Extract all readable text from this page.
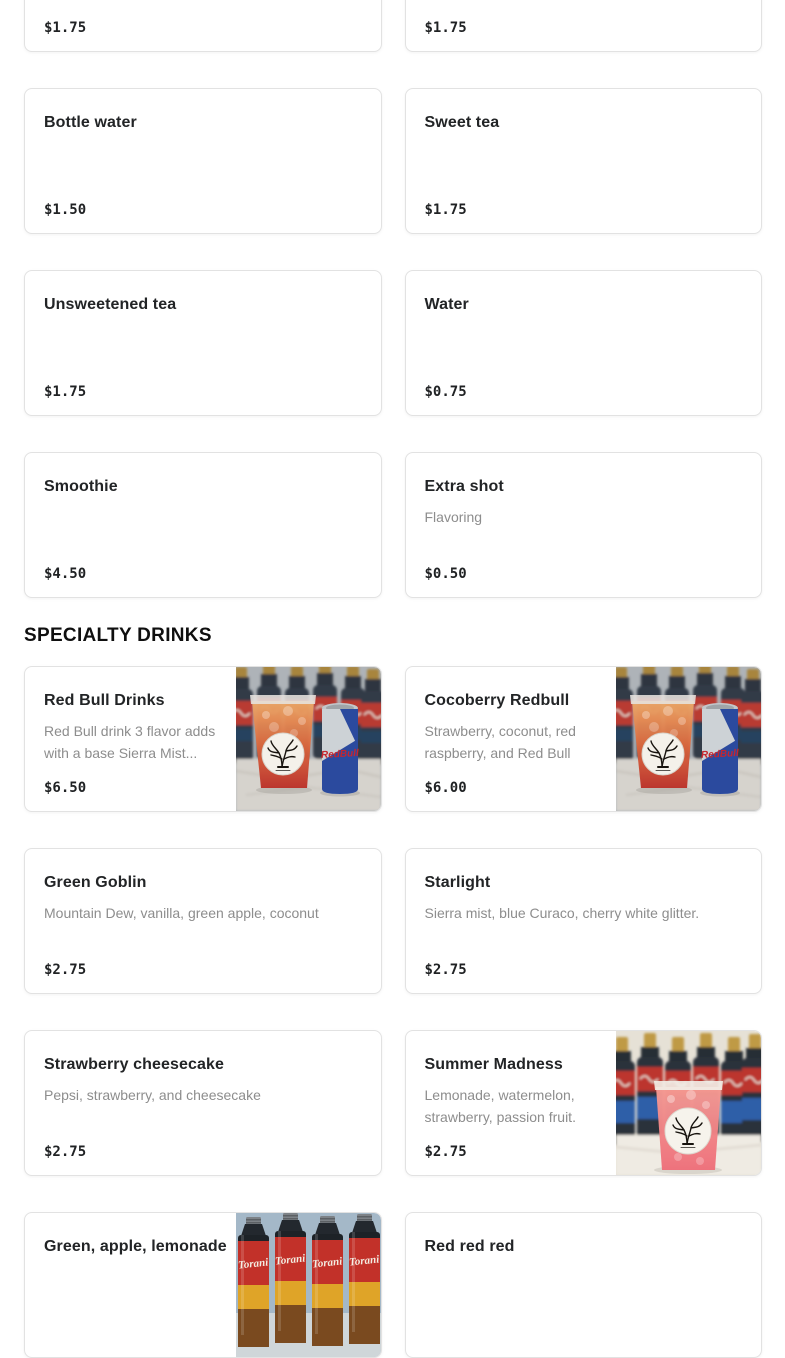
$1.75	$1.75
Bottle water
$1.50
Sweet tea
$1.75
Unsweetened tea
$1.75
Water
$0.75
Smoothie
$4.50
Extra shot
Flavoring
$0.50
SPECIALTY DRINKS
Red Bull Drinks
Red Bull drink 3 flavor adds with a base Sierra Mist...
$6.50
RedBull
Cocoberry Redbull
Strawberry, coconut, red raspberry, and Red Bull
$6.00
RedBull
Green Goblin
Mountain Dew, vanilla, green apple, coconut
$2.75
Starlight
Sierra mist, blue Curaco, cherry white glitter.
$2.75
Strawberry cheesecake
Pepsi, strawberry, and cheesecake
$2.75
Summer Madness
Lemonade, watermelon, strawberry, passion fruit.
$2.75
Green, apple, lemonade	Red red red
